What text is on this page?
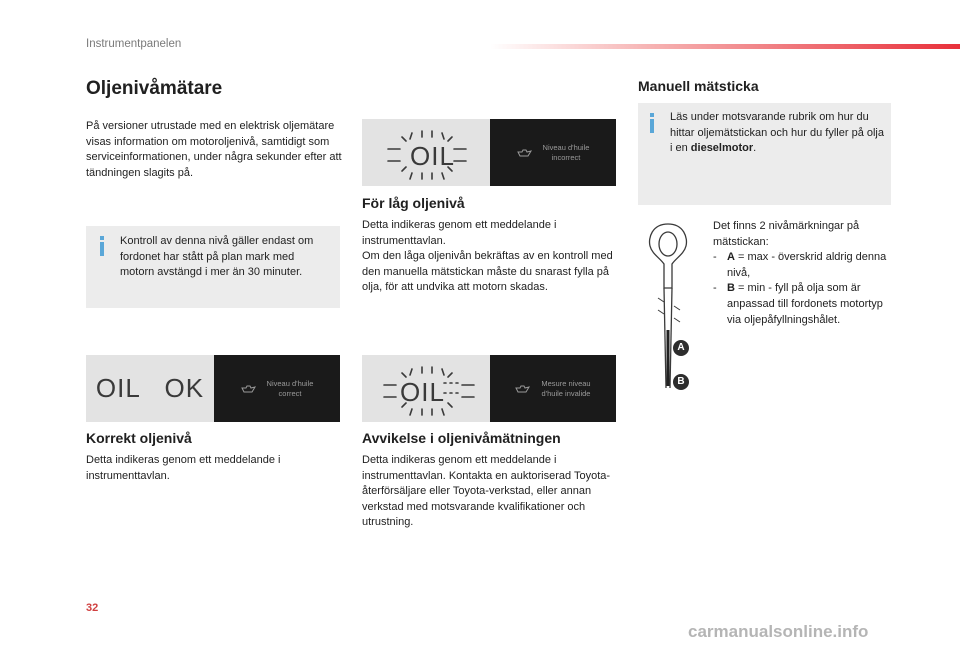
Instrumentpanelen
Oljenivåmätare

På versioner utrustade med en elektrisk oljemätare visas information om motoroljenivå, samtidigt som serviceinformationen, under några sekunder efter att tändningen slagits på.

Kontroll av denna nivå gäller endast om fordonet har stått på plan mark med motorn avstängd i mer än 30 minuter.

OIL	Niveau d'huile
incorrect
För låg oljenivå

Detta indikeras genom ett meddelande i instrumenttavlan.
Om den låga oljenivån bekräftas av en kontroll med den manuella mätstickan måste du snarast fylla på olja, för att undvika att motorn skadas.

OIL   OK	Niveau d'huile
correct
Korrekt oljenivå

Detta indikeras genom ett meddelande i instrumenttavlan.

OIL	Mesure niveau
d'huile invalide
Avvikelse i oljenivåmätningen

Detta indikeras genom ett meddelande i instrumenttavlan. Kontakta en auktoriserad Toyota-återförsäljare eller Toyota-verkstad, eller annan verkstad med motsvarande kvalifikationer och utrustning.

Manuell mätsticka

Läs under motsvarande rubrik om hur du hittar oljemätstickan och hur du fyller på olja i en dieselmotor.

A
B
Det finns 2 nivåmärkningar på mätstickan:
- A = max - överskrid aldrig denna nivå,
- B = min - fyll på olja som är anpassad till fordonets motortyp via oljepåfyllningshålet.
32
carmanualsonline.info
